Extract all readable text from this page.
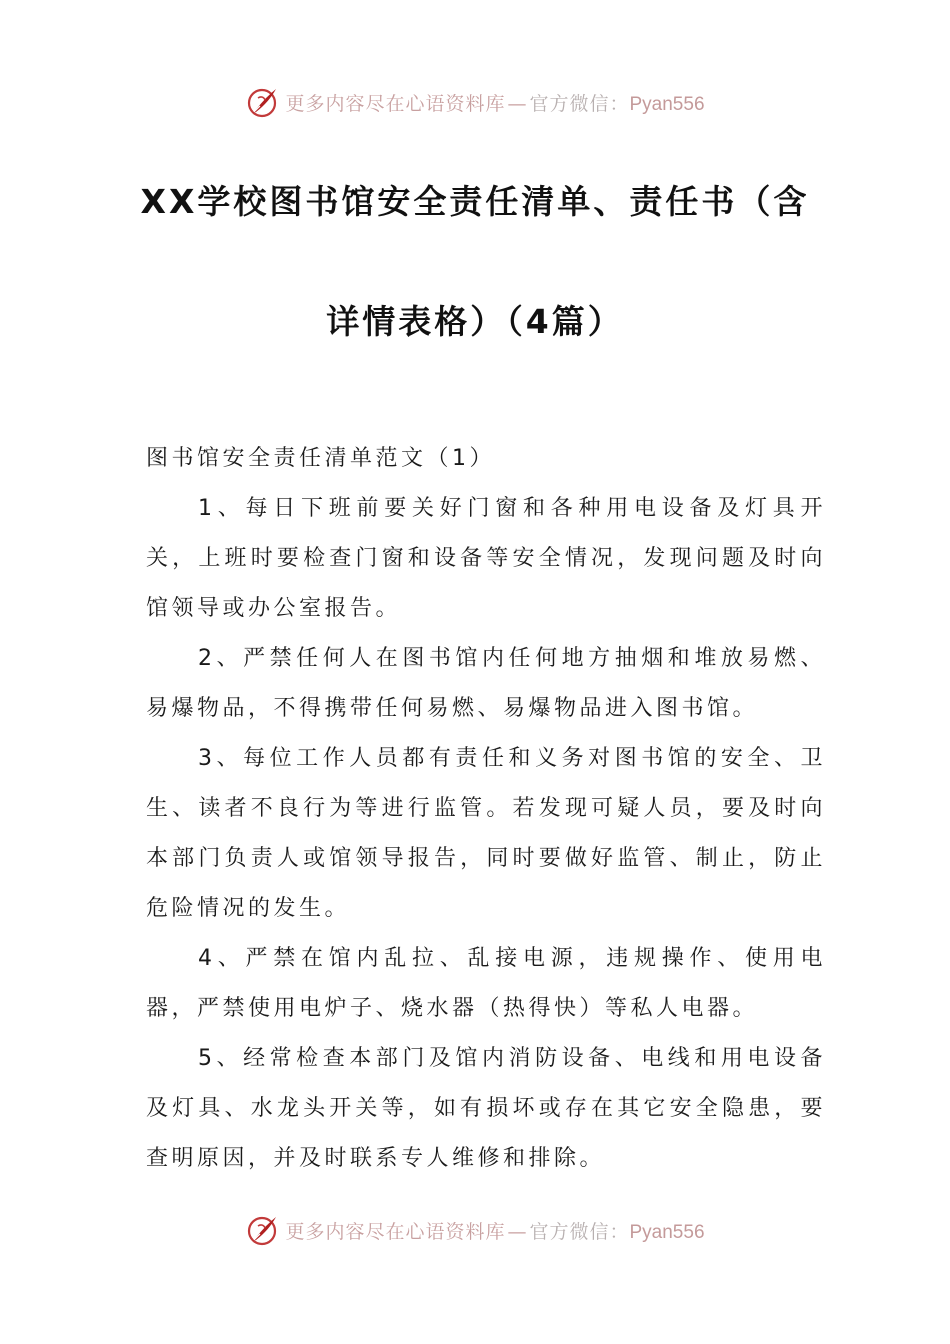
更多内容尽在心语资料库 — 官方微信：Pyan556
XX学校图书馆安全责任清单、责任书（含
详情表格）（4篇）

图书馆安全责任清单范文（1）

1、每日下班前要关好门窗和各种用电设备及灯具开关，上班时要检查门窗和设备等安全情况，发现问题及时向馆领导或办公室报告。

2、严禁任何人在图书馆内任何地方抽烟和堆放易燃、易爆物品，不得携带任何易燃、易爆物品进入图书馆。

3、每位工作人员都有责任和义务对图书馆的安全、卫生、读者不良行为等进行监管。若发现可疑人员，要及时向本部门负责人或馆领导报告，同时要做好监管、制止，防止危险情况的发生。

4、严禁在馆内乱拉、乱接电源，违规操作、使用电器，严禁使用电炉子、烧水器（热得快）等私人电器。

5、经常检查本部门及馆内消防设备、电线和用电设备及灯具、水龙头开关等，如有损坏或存在其它安全隐患，要查明原因，并及时联系专人维修和排除。

更多内容尽在心语资料库 — 官方微信：Pyan556
